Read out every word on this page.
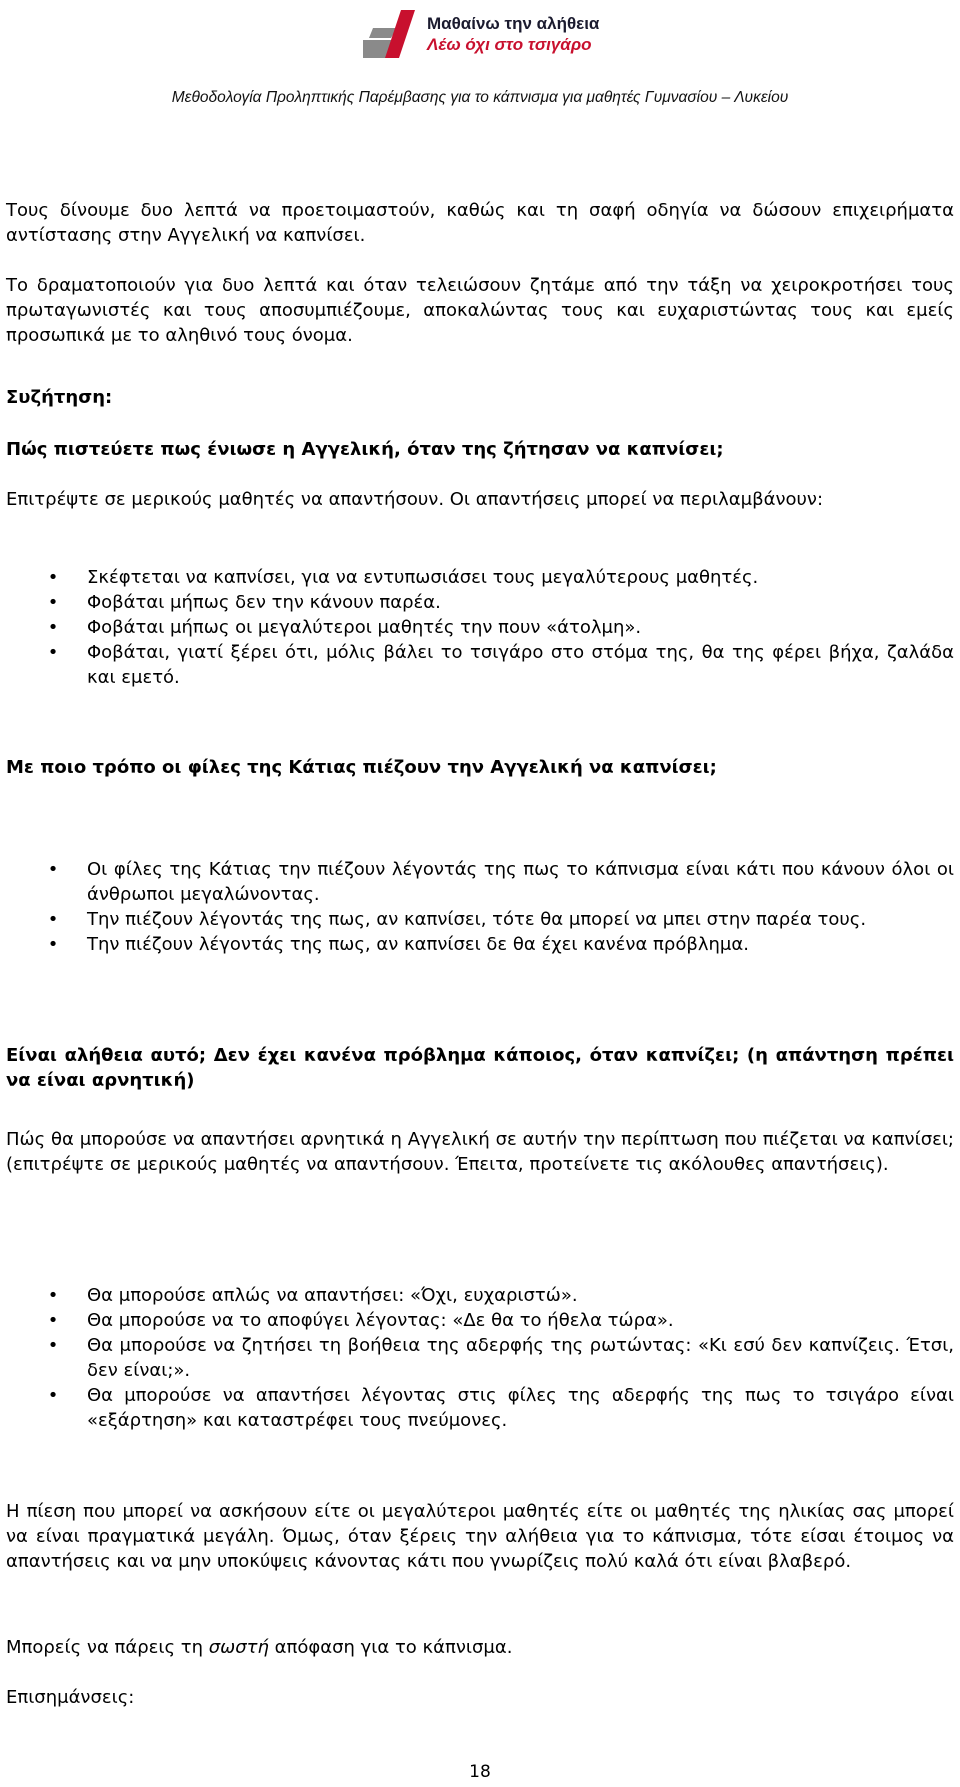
Μαθαίνω την αλήθεια
Λέω όχι στο τσιγάρο
Μεθοδολογία Προληπτικής Παρέμβασης για το κάπνισμα για μαθητές Γυμνασίου – Λυκείου
Τους δίνουμε δυο λεπτά να προετοιμαστούν, καθώς και τη σαφή οδηγία να δώσουν επιχειρήματα αντίστασης στην Αγγελική να καπνίσει.
Το δραματοποιούν για δυο λεπτά και όταν τελειώσουν ζητάμε από την τάξη να χειροκροτήσει τους πρωταγωνιστές και τους αποσυμπιέζουμε, αποκαλώντας τους και ευχαριστώντας τους και εμείς προσωπικά με το αληθινό τους όνομα.
Συζήτηση:
Πώς πιστεύετε πως ένιωσε η Αγγελική, όταν της ζήτησαν να καπνίσει;
Επιτρέψτε σε μερικούς μαθητές να απαντήσουν. Οι απαντήσεις μπορεί να περιλαμβάνουν:
• Σκέφτεται να καπνίσει, για να εντυπωσιάσει τους μεγαλύτερους μαθητές.
• Φοβάται μήπως δεν την κάνουν παρέα.
• Φοβάται μήπως οι μεγαλύτεροι μαθητές την πουν «άτολμη».
• Φοβάται, γιατί ξέρει ότι, μόλις βάλει το τσιγάρο στο στόμα της, θα της φέρει βήχα, ζαλάδα και εμετό.
Με ποιο τρόπο οι φίλες της Κάτιας πιέζουν την Αγγελική να καπνίσει;
• Οι φίλες της Κάτιας την πιέζουν λέγοντάς της πως το κάπνισμα είναι κάτι που κάνουν όλοι οι άνθρωποι μεγαλώνοντας.
• Την πιέζουν λέγοντάς της πως, αν καπνίσει, τότε θα μπορεί να μπει στην παρέα τους.
• Την πιέζουν λέγοντάς της πως, αν καπνίσει δε θα έχει κανένα πρόβλημα.
Είναι αλήθεια αυτό; Δεν έχει κανένα πρόβλημα κάποιος, όταν καπνίζει; (η απάντηση πρέπει να είναι αρνητική)
Πώς θα μπορούσε να απαντήσει αρνητικά η Αγγελική σε αυτήν την περίπτωση που πιέζεται να καπνίσει; (επιτρέψτε σε μερικούς μαθητές να απαντήσουν. Έπειτα, προτείνετε τις ακόλουθες απαντήσεις).
• Θα μπορούσε απλώς να απαντήσει: «Όχι, ευχαριστώ».
• Θα μπορούσε να το αποφύγει λέγοντας: «Δε θα το ήθελα τώρα».
• Θα μπορούσε να ζητήσει τη βοήθεια της αδερφής της ρωτώντας: «Κι εσύ δεν καπνίζεις. Έτσι, δεν είναι;».
• Θα μπορούσε να απαντήσει λέγοντας στις φίλες της αδερφής της πως το τσιγάρο είναι «εξάρτηση» και καταστρέφει τους πνεύμονες.
Η πίεση που μπορεί να ασκήσουν είτε οι μεγαλύτεροι μαθητές είτε οι μαθητές της ηλικίας σας μπορεί να είναι πραγματικά μεγάλη. Όμως, όταν ξέρεις την αλήθεια για το κάπνισμα, τότε είσαι έτοιμος να απαντήσεις και να μην υποκύψεις κάνοντας κάτι που γνωρίζεις πολύ καλά ότι είναι βλαβερό.
Μπορείς να πάρεις τη σωστή απόφαση για το κάπνισμα.
Επισημάνσεις:
18
